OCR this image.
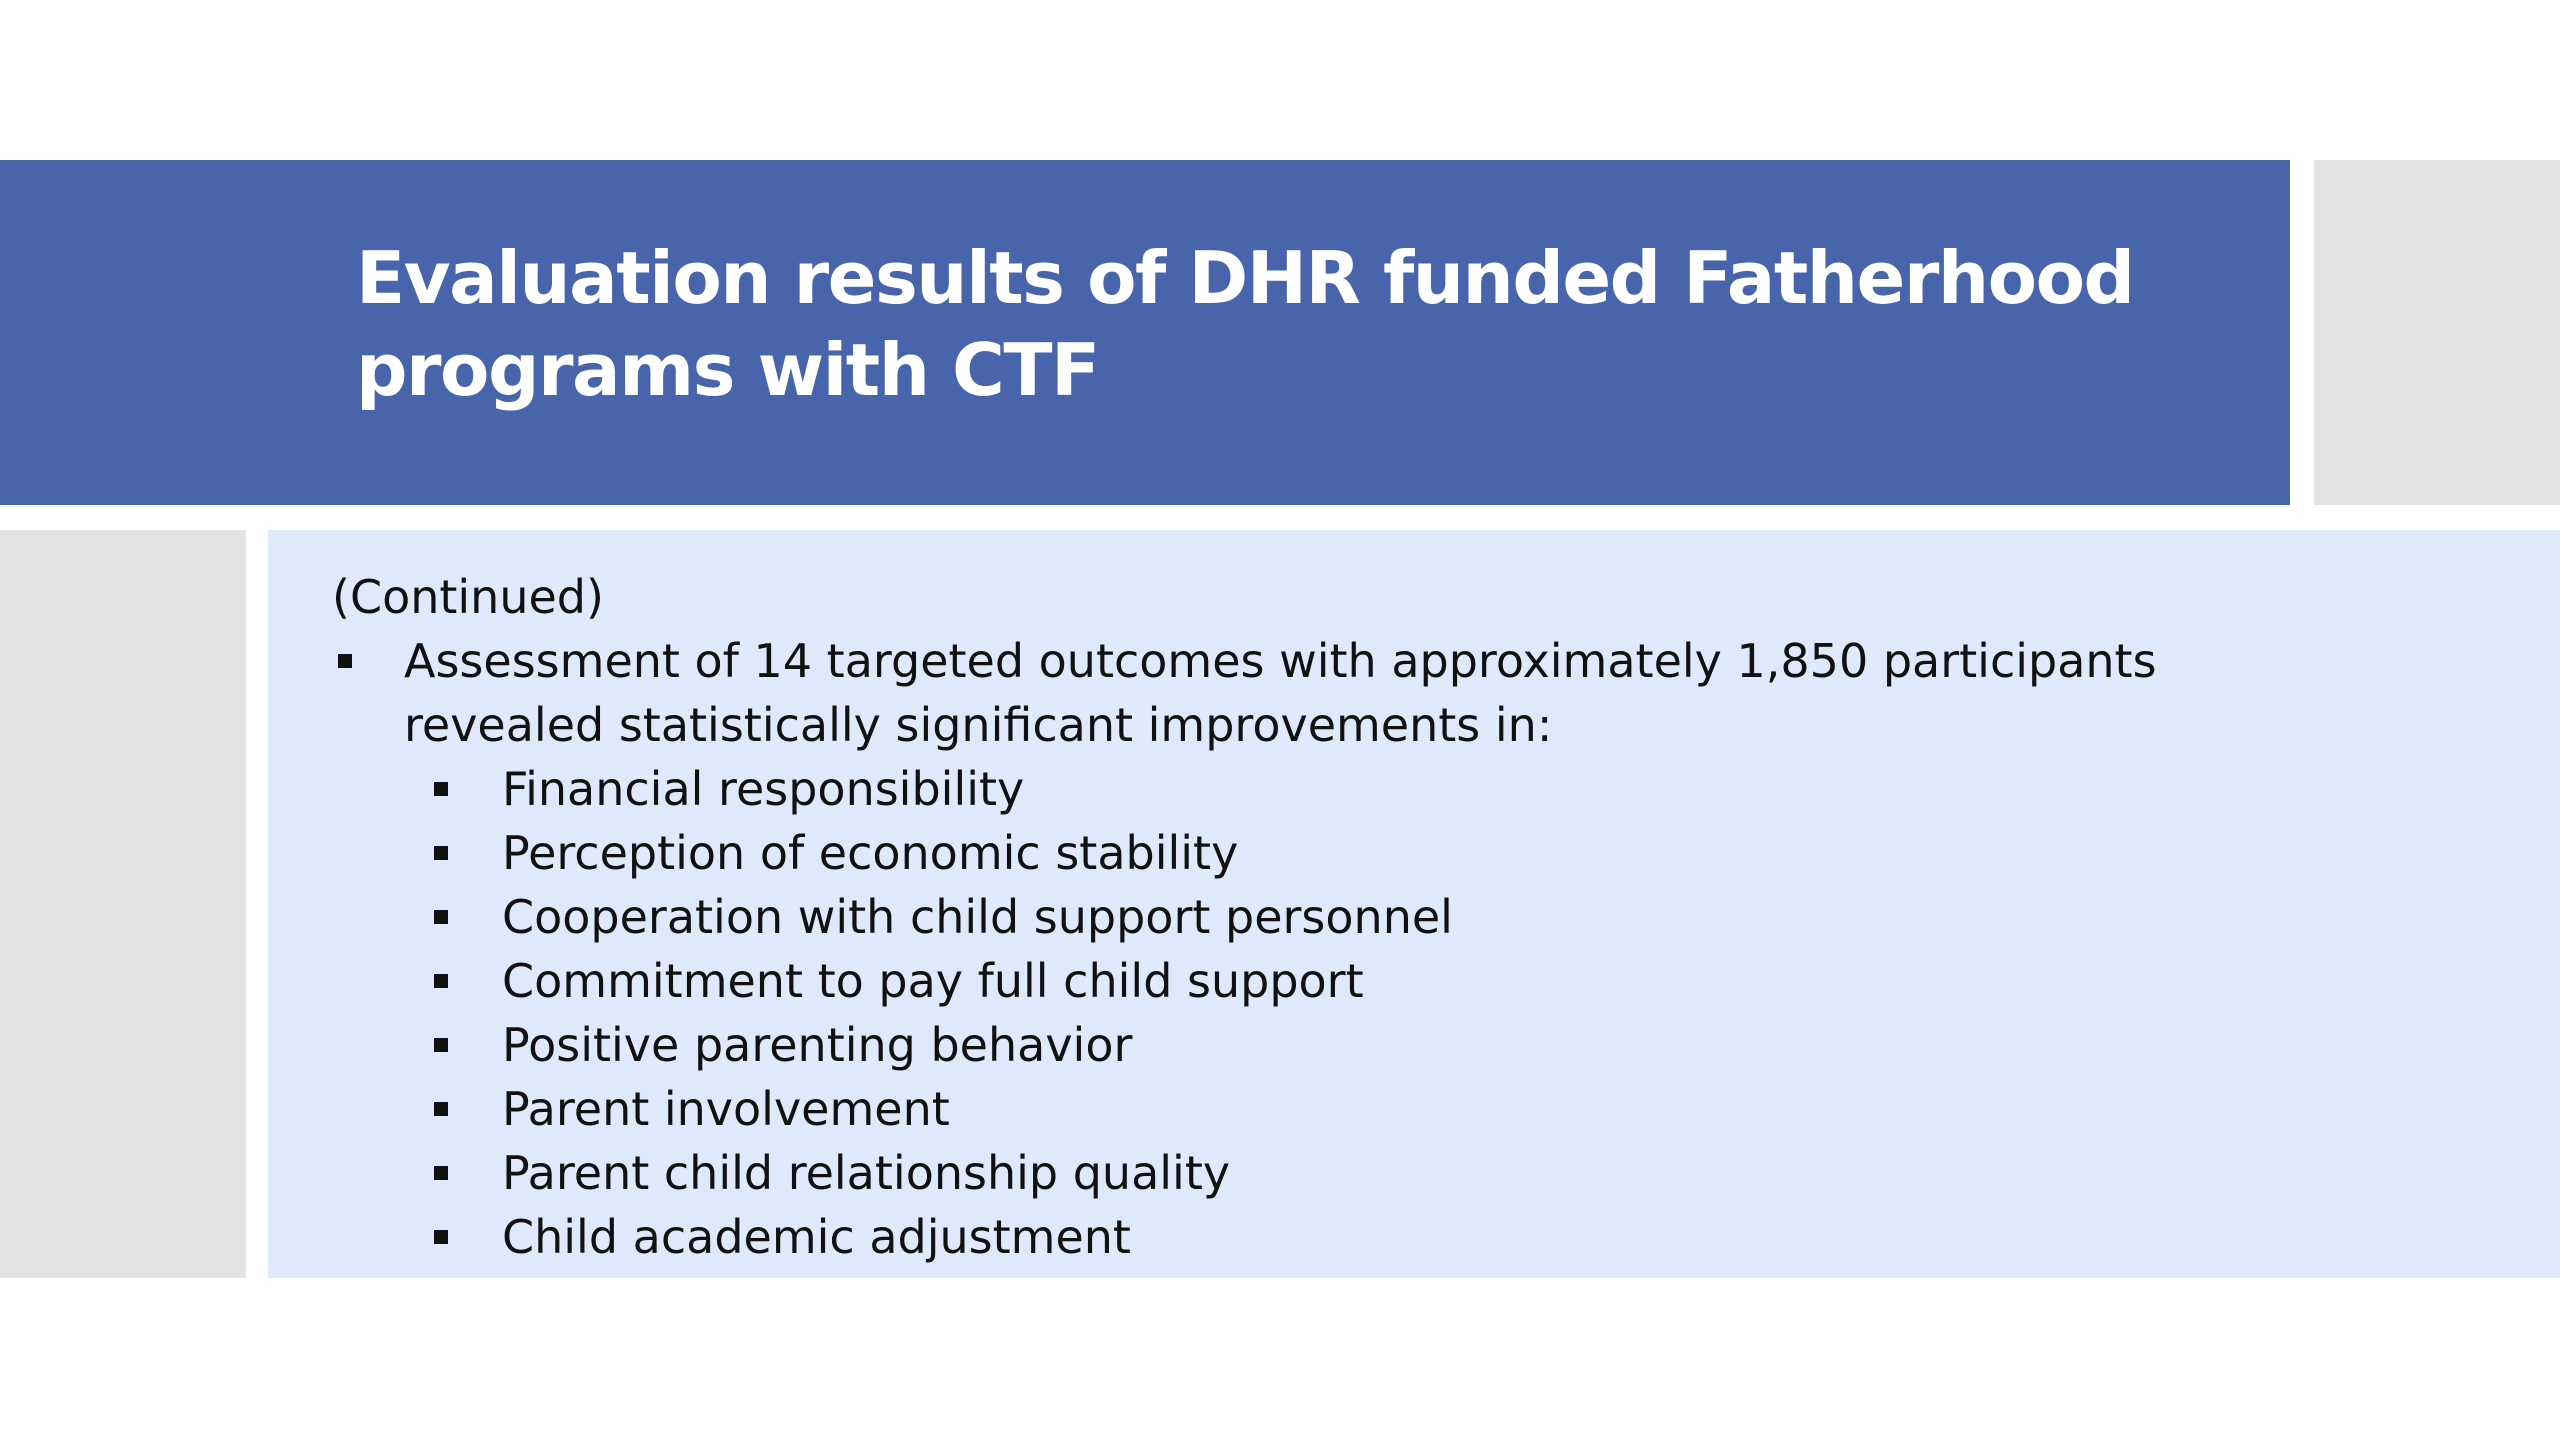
Evaluation results of DHR funded Fatherhood
programs with CTF
(Continued)
Assessment of 14 targeted outcomes with approximately 1,850 participants
revealed statistically significant improvements in:
Financial responsibility
Perception of economic stability
Cooperation with child support personnel
Commitment to pay full child support
Positive parenting behavior
Parent involvement
Parent child relationship quality
Child academic adjustment
